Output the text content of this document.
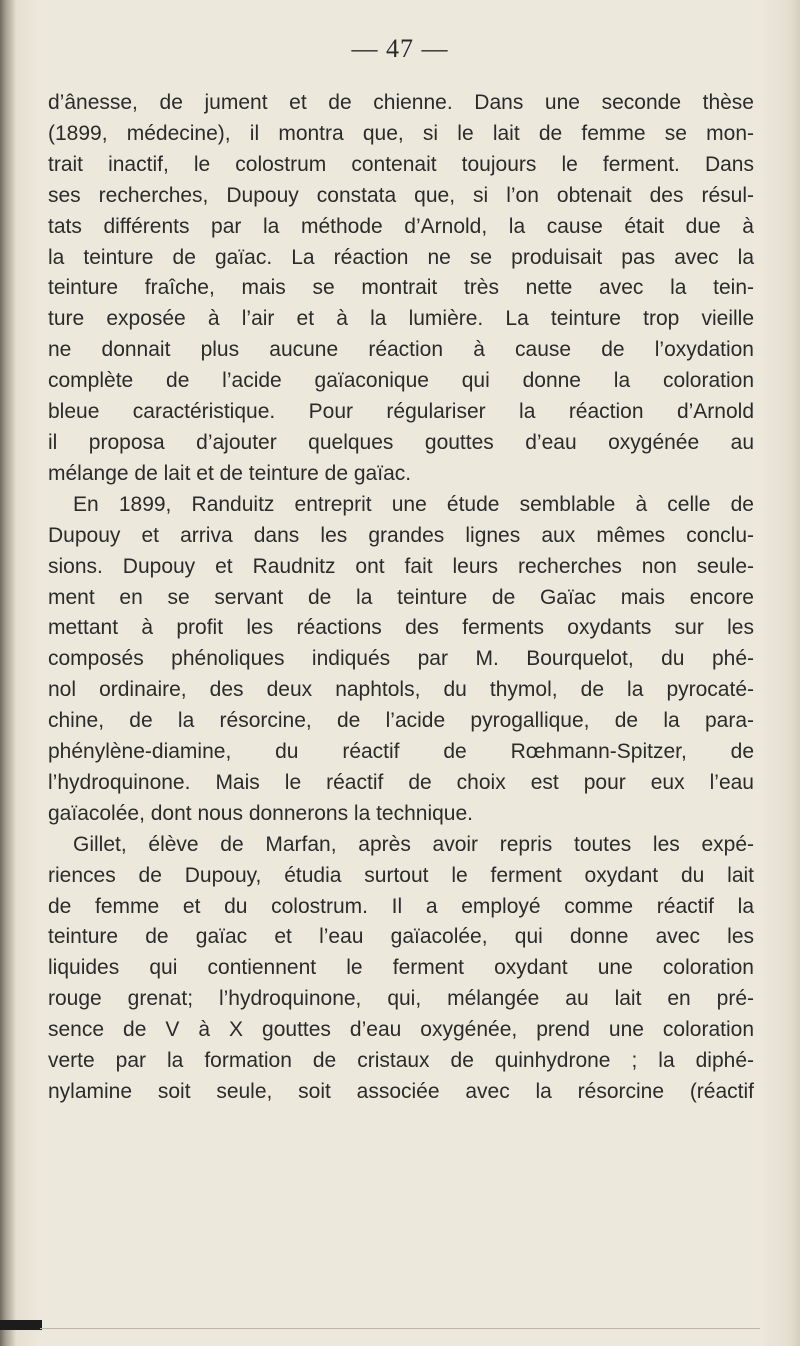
— 47 —
d’ânesse, de jument et de chienne. Dans une seconde thèse
(1899, médecine), il montra que, si le lait de femme se mon-
trait inactif, le colostrum contenait toujours le ferment. Dans
ses recherches, Dupouy constata que, si l’on obtenait des résul-
tats différents par la méthode d’Arnold, la cause était due à
la teinture de gaïac. La réaction ne se produisait pas avec la
teinture fraîche, mais se montrait très nette avec la tein-
ture exposée à l’air et à la lumière. La teinture trop vieille
ne donnait plus aucune réaction à cause de l’oxydation
complète de l’acide gaïaconique qui donne la coloration
bleue caractéristique. Pour régulariser la réaction d’Arnold
il proposa d’ajouter quelques gouttes d’eau oxygénée au
mélange de lait et de teinture de gaïac.
En 1899, Randuitz entreprit une étude semblable à celle de
Dupouy et arriva dans les grandes lignes aux mêmes conclu-
sions. Dupouy et Raudnitz ont fait leurs recherches non seule-
ment en se servant de la teinture de Gaïac mais encore
mettant à profit les réactions des ferments oxydants sur les
composés phénoliques indiqués par M. Bourquelot, du phé-
nol ordinaire, des deux naphtols, du thymol, de la pyrocaté-
chine, de la résorcine, de l’acide pyrogallique, de la para-
phénylène-diamine, du réactif de Rœhmann-Spitzer, de
l’hydroquinone. Mais le réactif de choix est pour eux l’eau
gaïacolée, dont nous donnerons la technique.
Gillet, élève de Marfan, après avoir repris toutes les expé-
riences de Dupouy, étudia surtout le ferment oxydant du lait
de femme et du colostrum. Il a employé comme réactif la
teinture de gaïac et l’eau gaïacolée, qui donne avec les
liquides qui contiennent le ferment oxydant une coloration
rouge grenat; l’hydroquinone, qui, mélangée au lait en pré-
sence de V à X gouttes d’eau oxygénée, prend une coloration
verte par la formation de cristaux de quinhydrone ; la diphé-
nylamine soit seule, soit associée avec la résorcine (réactif
